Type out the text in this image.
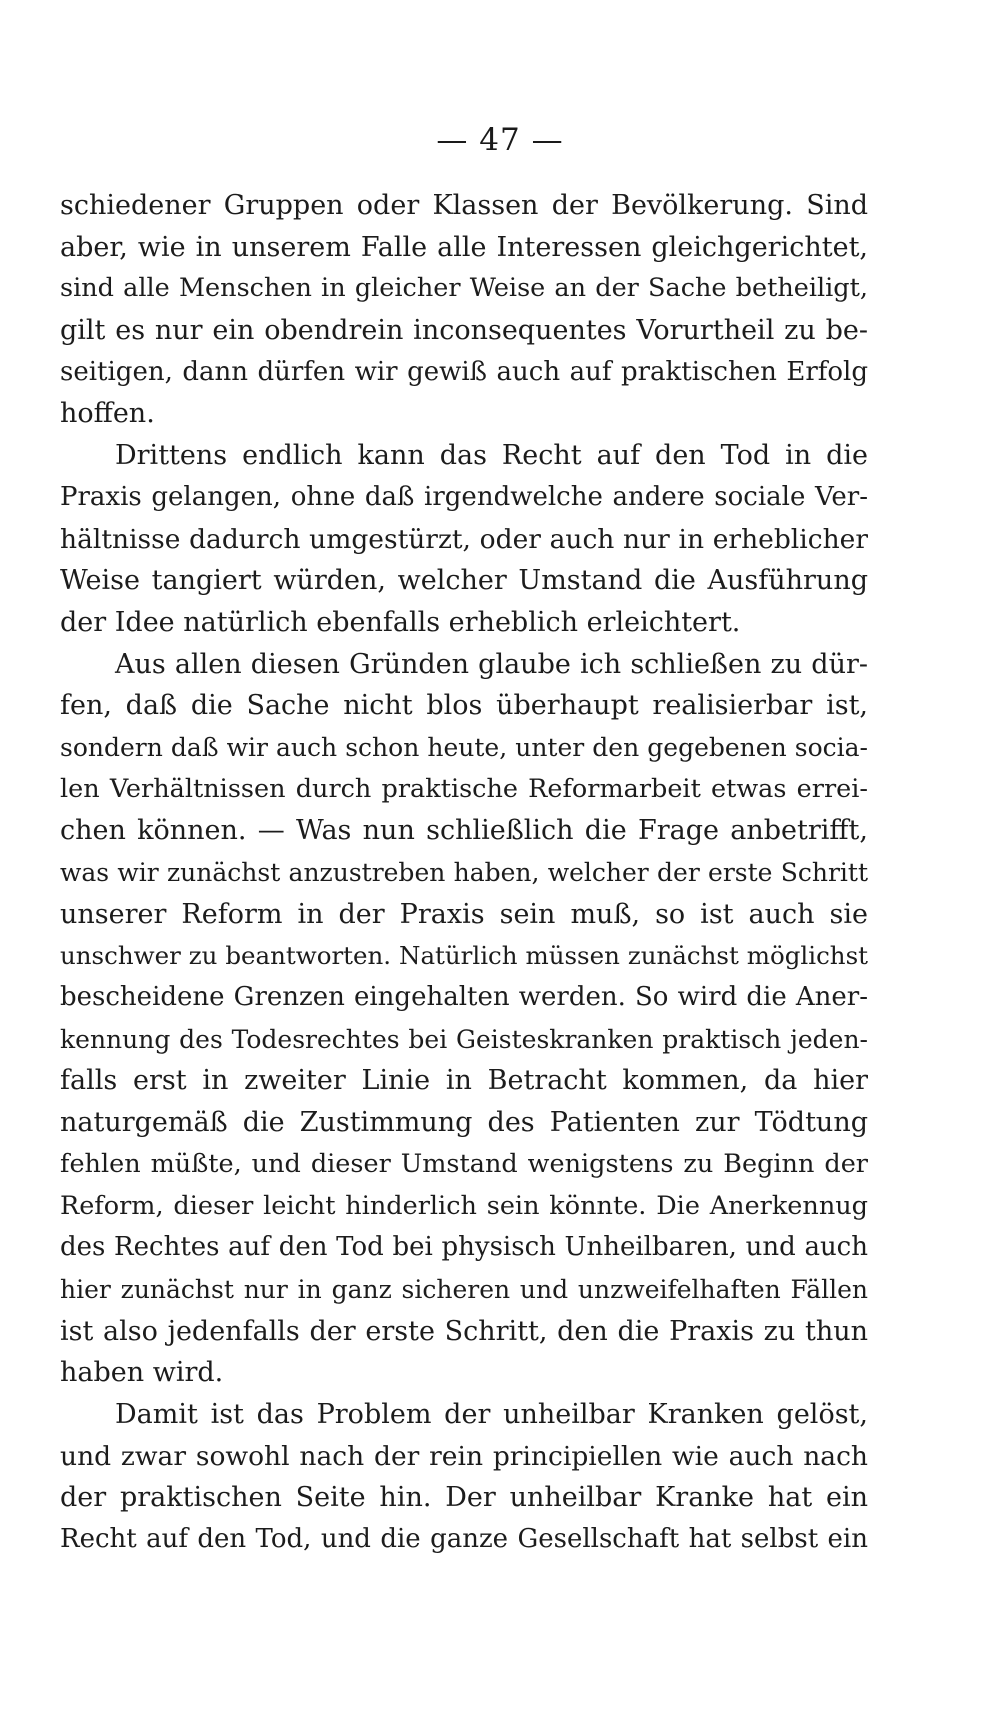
— 47 —
schiedener Gruppen oder Klassen der Bevölkerung. Sind
aber, wie in unserem Falle alle Interessen gleichgerichtet,
sind alle Menschen in gleicher Weise an der Sache betheiligt,
gilt es nur ein obendrein inconsequentes Vorurtheil zu be-
seitigen, dann dürfen wir gewiß auch auf praktischen Erfolg
hoffen.
Drittens endlich kann das Recht auf den Tod in die
Praxis gelangen, ohne daß irgendwelche andere sociale Ver-
hältnisse dadurch umgestürzt, oder auch nur in erheblicher
Weise tangiert würden, welcher Umstand die Ausführung
der Idee natürlich ebenfalls erheblich erleichtert.
Aus allen diesen Gründen glaube ich schließen zu dür-
fen, daß die Sache nicht blos überhaupt realisierbar ist,
sondern daß wir auch schon heute, unter den gegebenen socia-
len Verhältnissen durch praktische Reformarbeit etwas errei-
chen können. — Was nun schließlich die Frage anbetrifft,
was wir zunächst anzustreben haben, welcher der erste Schritt
unserer Reform in der Praxis sein muß, so ist auch sie
unschwer zu beantworten. Natürlich müssen zunächst möglichst
bescheidene Grenzen eingehalten werden. So wird die Aner-
kennung des Todesrechtes bei Geisteskranken praktisch jeden-
falls erst in zweiter Linie in Betracht kommen, da hier
naturgemäß die Zustimmung des Patienten zur Tödtung
fehlen müßte, und dieser Umstand wenigstens zu Beginn der
Reform, dieser leicht hinderlich sein könnte. Die Anerkennug
des Rechtes auf den Tod bei physisch Unheilbaren, und auch
hier zunächst nur in ganz sicheren und unzweifelhaften Fällen
ist also jedenfalls der erste Schritt, den die Praxis zu thun
haben wird.
Damit ist das Problem der unheilbar Kranken gelöst,
und zwar sowohl nach der rein principiellen wie auch nach
der praktischen Seite hin. Der unheilbar Kranke hat ein
Recht auf den Tod, und die ganze Gesellschaft hat selbst ein
